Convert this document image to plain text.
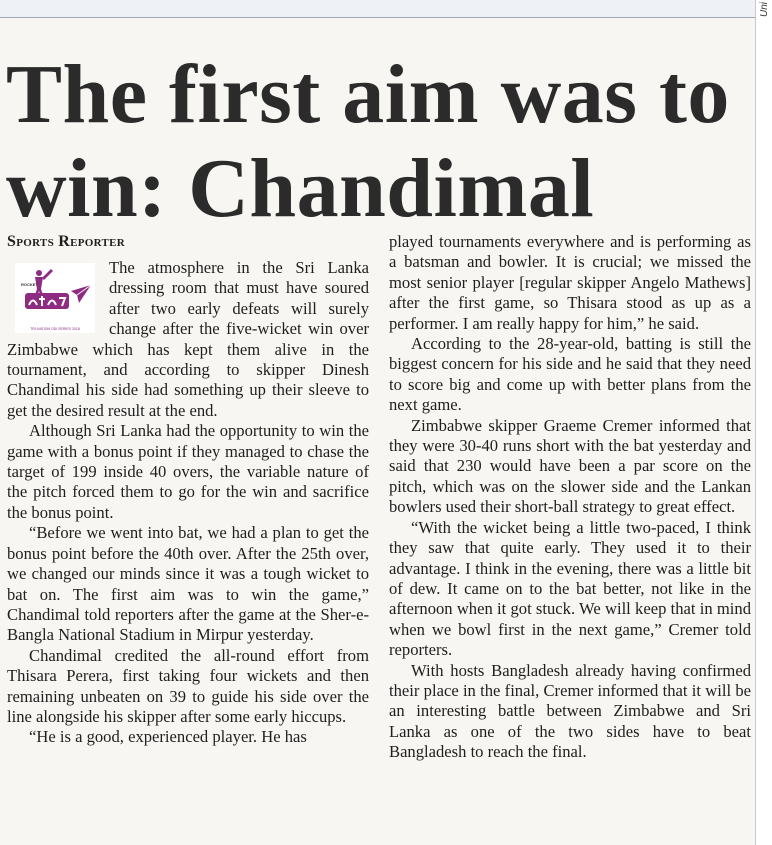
Uni
The first aim was to win: Chandimal
Sports Reporter
ROCKET
TRI-NATION ODI SERIES 2018

The atmosphere in the Sri Lanka dressing room that must have soured after two early defeats will surely change after the five-wicket win over Zimbabwe which has kept them alive in the tournament, and according to skipper Dinesh Chandimal his side had something up their sleeve to get the desired result at the end.

Although Sri Lanka had the opportunity to win the game with a bonus point if they managed to chase the target of 199 inside 40 overs, the variable nature of the pitch forced them to go for the win and sacrifice the bonus point.

“Before we went into bat, we had a plan to get the bonus point before the 40th over. After the 25th over, we changed our minds since it was a tough wicket to bat on. The first aim was to win the game,” Chandimal told reporters after the game at the Sher-e-Bangla National Stadium in Mirpur yesterday.

Chandimal credited the all-round effort from Thisara Perera, first taking four wickets and then remaining unbeaten on 39 to guide his side over the line alongside his skipper after some early hiccups.

“He is a good, experienced player. He has

played tournaments everywhere and is performing as a batsman and bowler. It is crucial; we missed the most senior player [regular skipper Angelo Mathews] after the first game, so Thisara stood as up as a performer. I am really happy for him,” he said.

According to the 28-year-old, batting is still the biggest concern for his side and he said that they need to score big and come up with better plans from the next game.

Zimbabwe skipper Graeme Cremer informed that they were 30-40 runs short with the bat yesterday and said that 230 would have been a par score on the pitch, which was on the slower side and the Lankan bowlers used their short-ball strategy to great effect.

“With the wicket being a little two-paced, I think they saw that quite early. They used it to their advantage. I think in the evening, there was a little bit of dew. It came on to the bat better, not like in the afternoon when it got stuck. We will keep that in mind when we bowl first in the next game,” Cremer told reporters.

With hosts Bangladesh already having confirmed their place in the final, Cremer informed that it will be an interesting battle between Zimbabwe and Sri Lanka as one of the two sides have to beat Bangladesh to reach the final.
